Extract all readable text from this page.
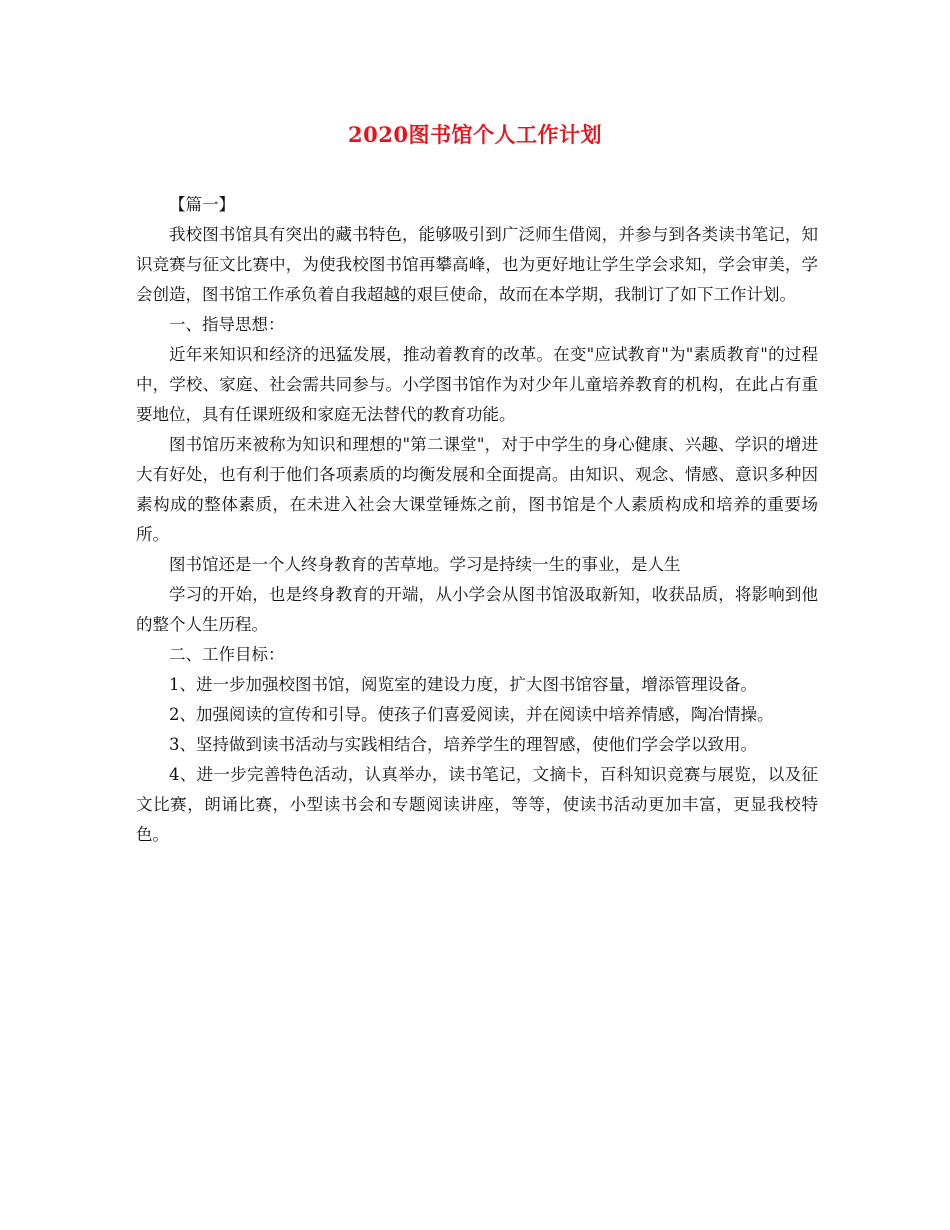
2020图书馆个人工作计划

【篇一】

我校图书馆具有突出的藏书特色，能够吸引到广泛师生借阅，并参与到各类读书笔记，知识竞赛与征文比赛中，为使我校图书馆再攀高峰，也为更好地让学生学会求知，学会审美，学会创造，图书馆工作承负着自我超越的艰巨使命，故而在本学期，我制订了如下工作计划。

一、指导思想：

近年来知识和经济的迅猛发展，推动着教育的改革。在变"应试教育"为"素质教育"的过程中，学校、家庭、社会需共同参与。小学图书馆作为对少年儿童培养教育的机构，在此占有重要地位，具有任课班级和家庭无法替代的教育功能。

图书馆历来被称为知识和理想的"第二课堂"，对于中学生的身心健康、兴趣、学识的增进大有好处，也有利于他们各项素质的均衡发展和全面提高。由知识、观念、情感、意识多种因素构成的整体素质，在未进入社会大课堂锤炼之前，图书馆是个人素质构成和培养的重要场所。

图书馆还是一个人终身教育的苦草地。学习是持续一生的事业，是人生

学习的开始，也是终身教育的开端，从小学会从图书馆汲取新知，收获品质，将影响到他的整个人生历程。

二、工作目标：

1、进一步加强校图书馆，阅览室的建设力度，扩大图书馆容量，增添管理设备。

2、加强阅读的宣传和引导。使孩子们喜爱阅读，并在阅读中培养情感，陶冶情操。

3、坚持做到读书活动与实践相结合，培养学生的理智感，使他们学会学以致用。

4、进一步完善特色活动，认真举办，读书笔记，文摘卡，百科知识竞赛与展览，以及征文比赛，朗诵比赛，小型读书会和专题阅读讲座，等等，使读书活动更加丰富，更显我校特色。
